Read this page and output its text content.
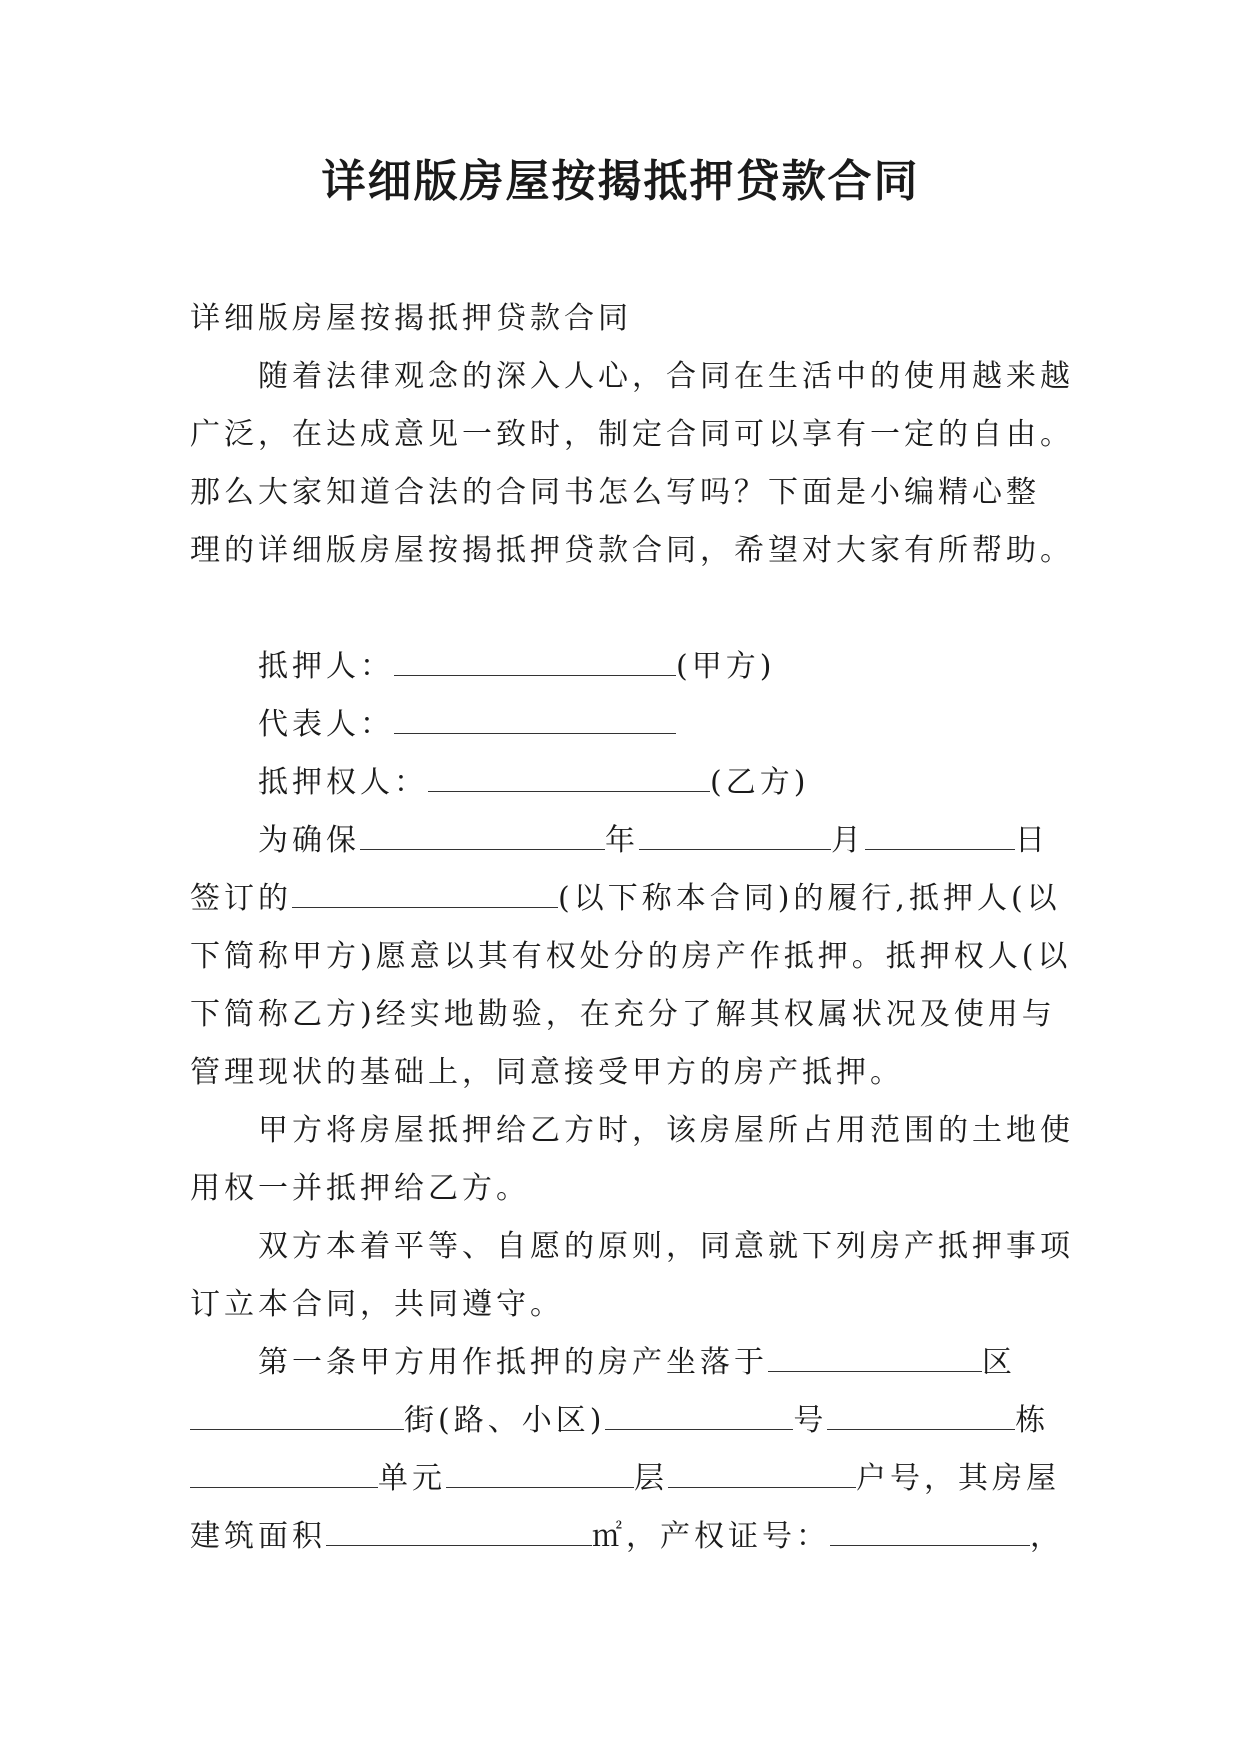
详细版房屋按揭抵押贷款合同

详细版房屋按揭抵押贷款合同

随着法律观念的深入人心，合同在生活中的使用越来越

广泛，在达成意见一致时，制定合同可以享有一定的自由。

那么大家知道合法的合同书怎么写吗？下面是小编精心整

理的详细版房屋按揭抵押贷款合同，希望对大家有所帮助。

抵押人：	(甲方)

代表人：

抵押权人：	(乙方)

为确保	年	月	日

签订的	(以下称本合同)的履行,抵押人(以

下简称甲方)愿意以其有权处分的房产作抵押。抵押权人(以

下简称乙方)经实地勘验，在充分了解其权属状况及使用与

管理现状的基础上，同意接受甲方的房产抵押。

甲方将房屋抵押给乙方时，该房屋所占用范围的土地使

用权一并抵押给乙方。

双方本着平等、自愿的原则，同意就下列房产抵押事项

订立本合同，共同遵守。

第一条甲方用作抵押的房产坐落于	区

街(路、小区)	号	栋

单元	层	户号，其房屋

建筑面积	㎡，产权证号：	，
